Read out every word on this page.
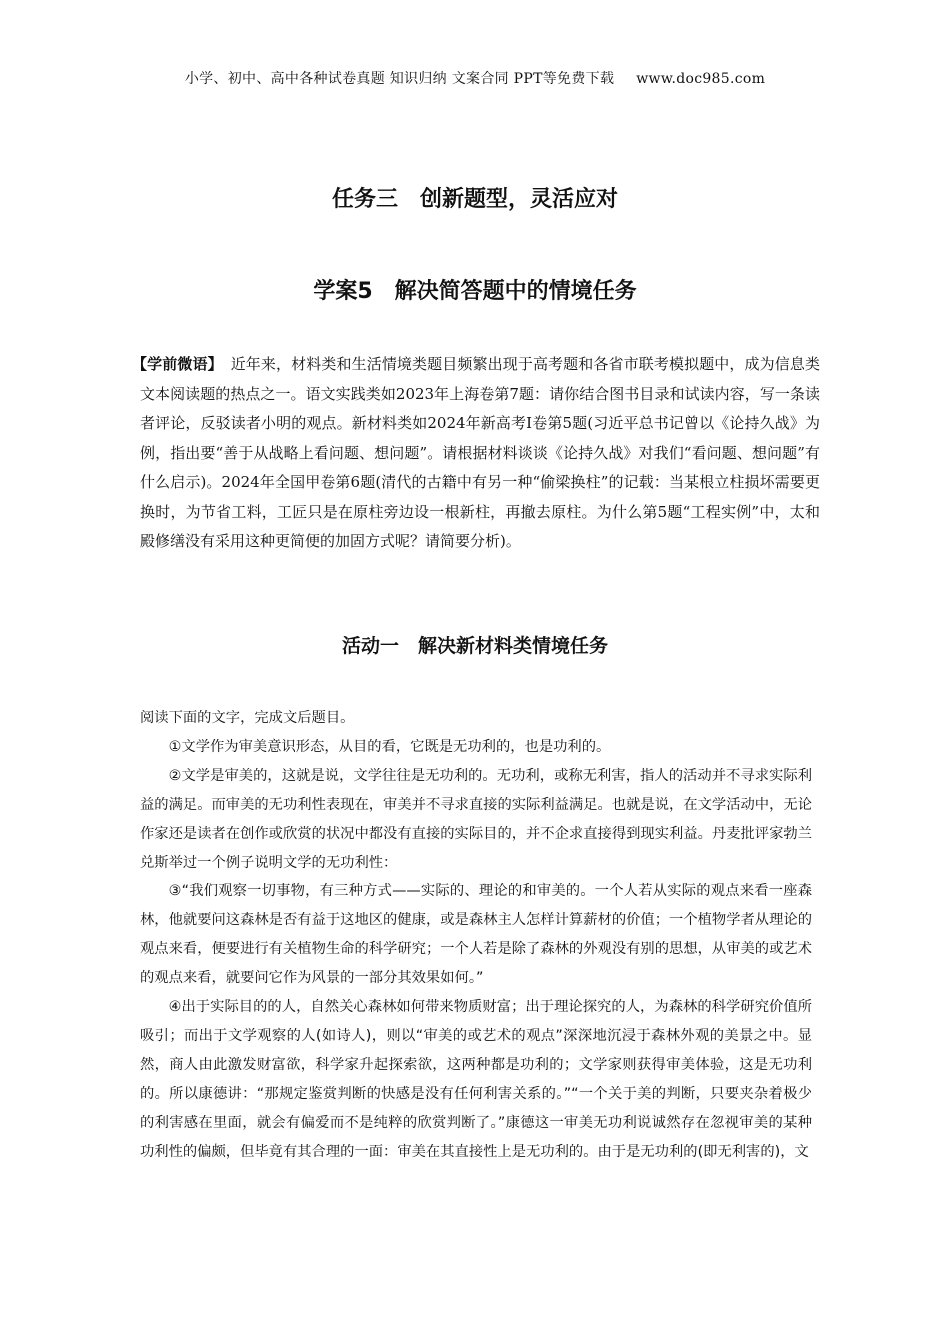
小学、初中、高中各种试卷真题 知识归纳 文案合同 PPT等免费下载 www.doc985.com
任务三　创新题型，灵活应对
学案5　解决简答题中的情境任务
【学前微语】 近年来，材料类和生活情境类题目频繁出现于高考题和各省市联考模拟题中，成为信息类文本阅读题的热点之一。语文实践类如2023年上海卷第7题：请你结合图书目录和试读内容，写一条读者评论，反驳读者小明的观点。新材料类如2024年新高考Ⅰ卷第5题(习近平总书记曾以《论持久战》为例，指出要“善于从战略上看问题、想问题”。请根据材料谈谈《论持久战》对我们“看问题、想问题”有什么启示)。2024年全国甲卷第6题(清代的古籍中有另一种“偷梁换柱”的记载：当某根立柱损坏需要更换时，为节省工料，工匠只是在原柱旁边设一根新柱，再撤去原柱。为什么第5题“工程实例”中，太和殿修缮没有采用这种更简便的加固方式呢？请简要分析)。
活动一　解决新材料类情境任务

阅读下面的文字，完成文后题目。

①文学作为审美意识形态，从目的看，它既是无功利的，也是功利的。

②文学是审美的，这就是说，文学往往是无功利的。无功利，或称无利害，指人的活动并不寻求实际利益的满足。而审美的无功利性表现在，审美并不寻求直接的实际利益满足。也就是说，在文学活动中，无论作家还是读者在创作或欣赏的状况中都没有直接的实际目的，并不企求直接得到现实利益。丹麦批评家勃兰兑斯举过一个例子说明文学的无功利性：

③“我们观察一切事物，有三种方式——实际的、理论的和审美的。一个人若从实际的观点来看一座森林，他就要问这森林是否有益于这地区的健康，或是森林主人怎样计算薪材的价值；一个植物学者从理论的观点来看，便要进行有关植物生命的科学研究；一个人若是除了森林的外观没有别的思想，从审美的或艺术的观点来看，就要问它作为风景的一部分其效果如何。”

④出于实际目的的人，自然关心森林如何带来物质财富；出于理论探究的人，为森林的科学研究价值所吸引；而出于文学观察的人(如诗人)，则以“审美的或艺术的观点”深深地沉浸于森林外观的美景之中。显然，商人由此激发财富欲，科学家升起探索欲，这两种都是功利的；文学家则获得审美体验，这是无功利的。所以康德讲：“那规定鉴赏判断的快感是没有任何利害关系的。”“一个关于美的判断，只要夹杂着极少的利害感在里面，就会有偏爱而不是纯粹的欣赏判断了。”康德这一审美无功利说诚然存在忽视审美的某种功利性的偏颇，但毕竟有其合理的一面：审美在其直接性上是无功利的。由于是无功利的(即无利害的)，文
